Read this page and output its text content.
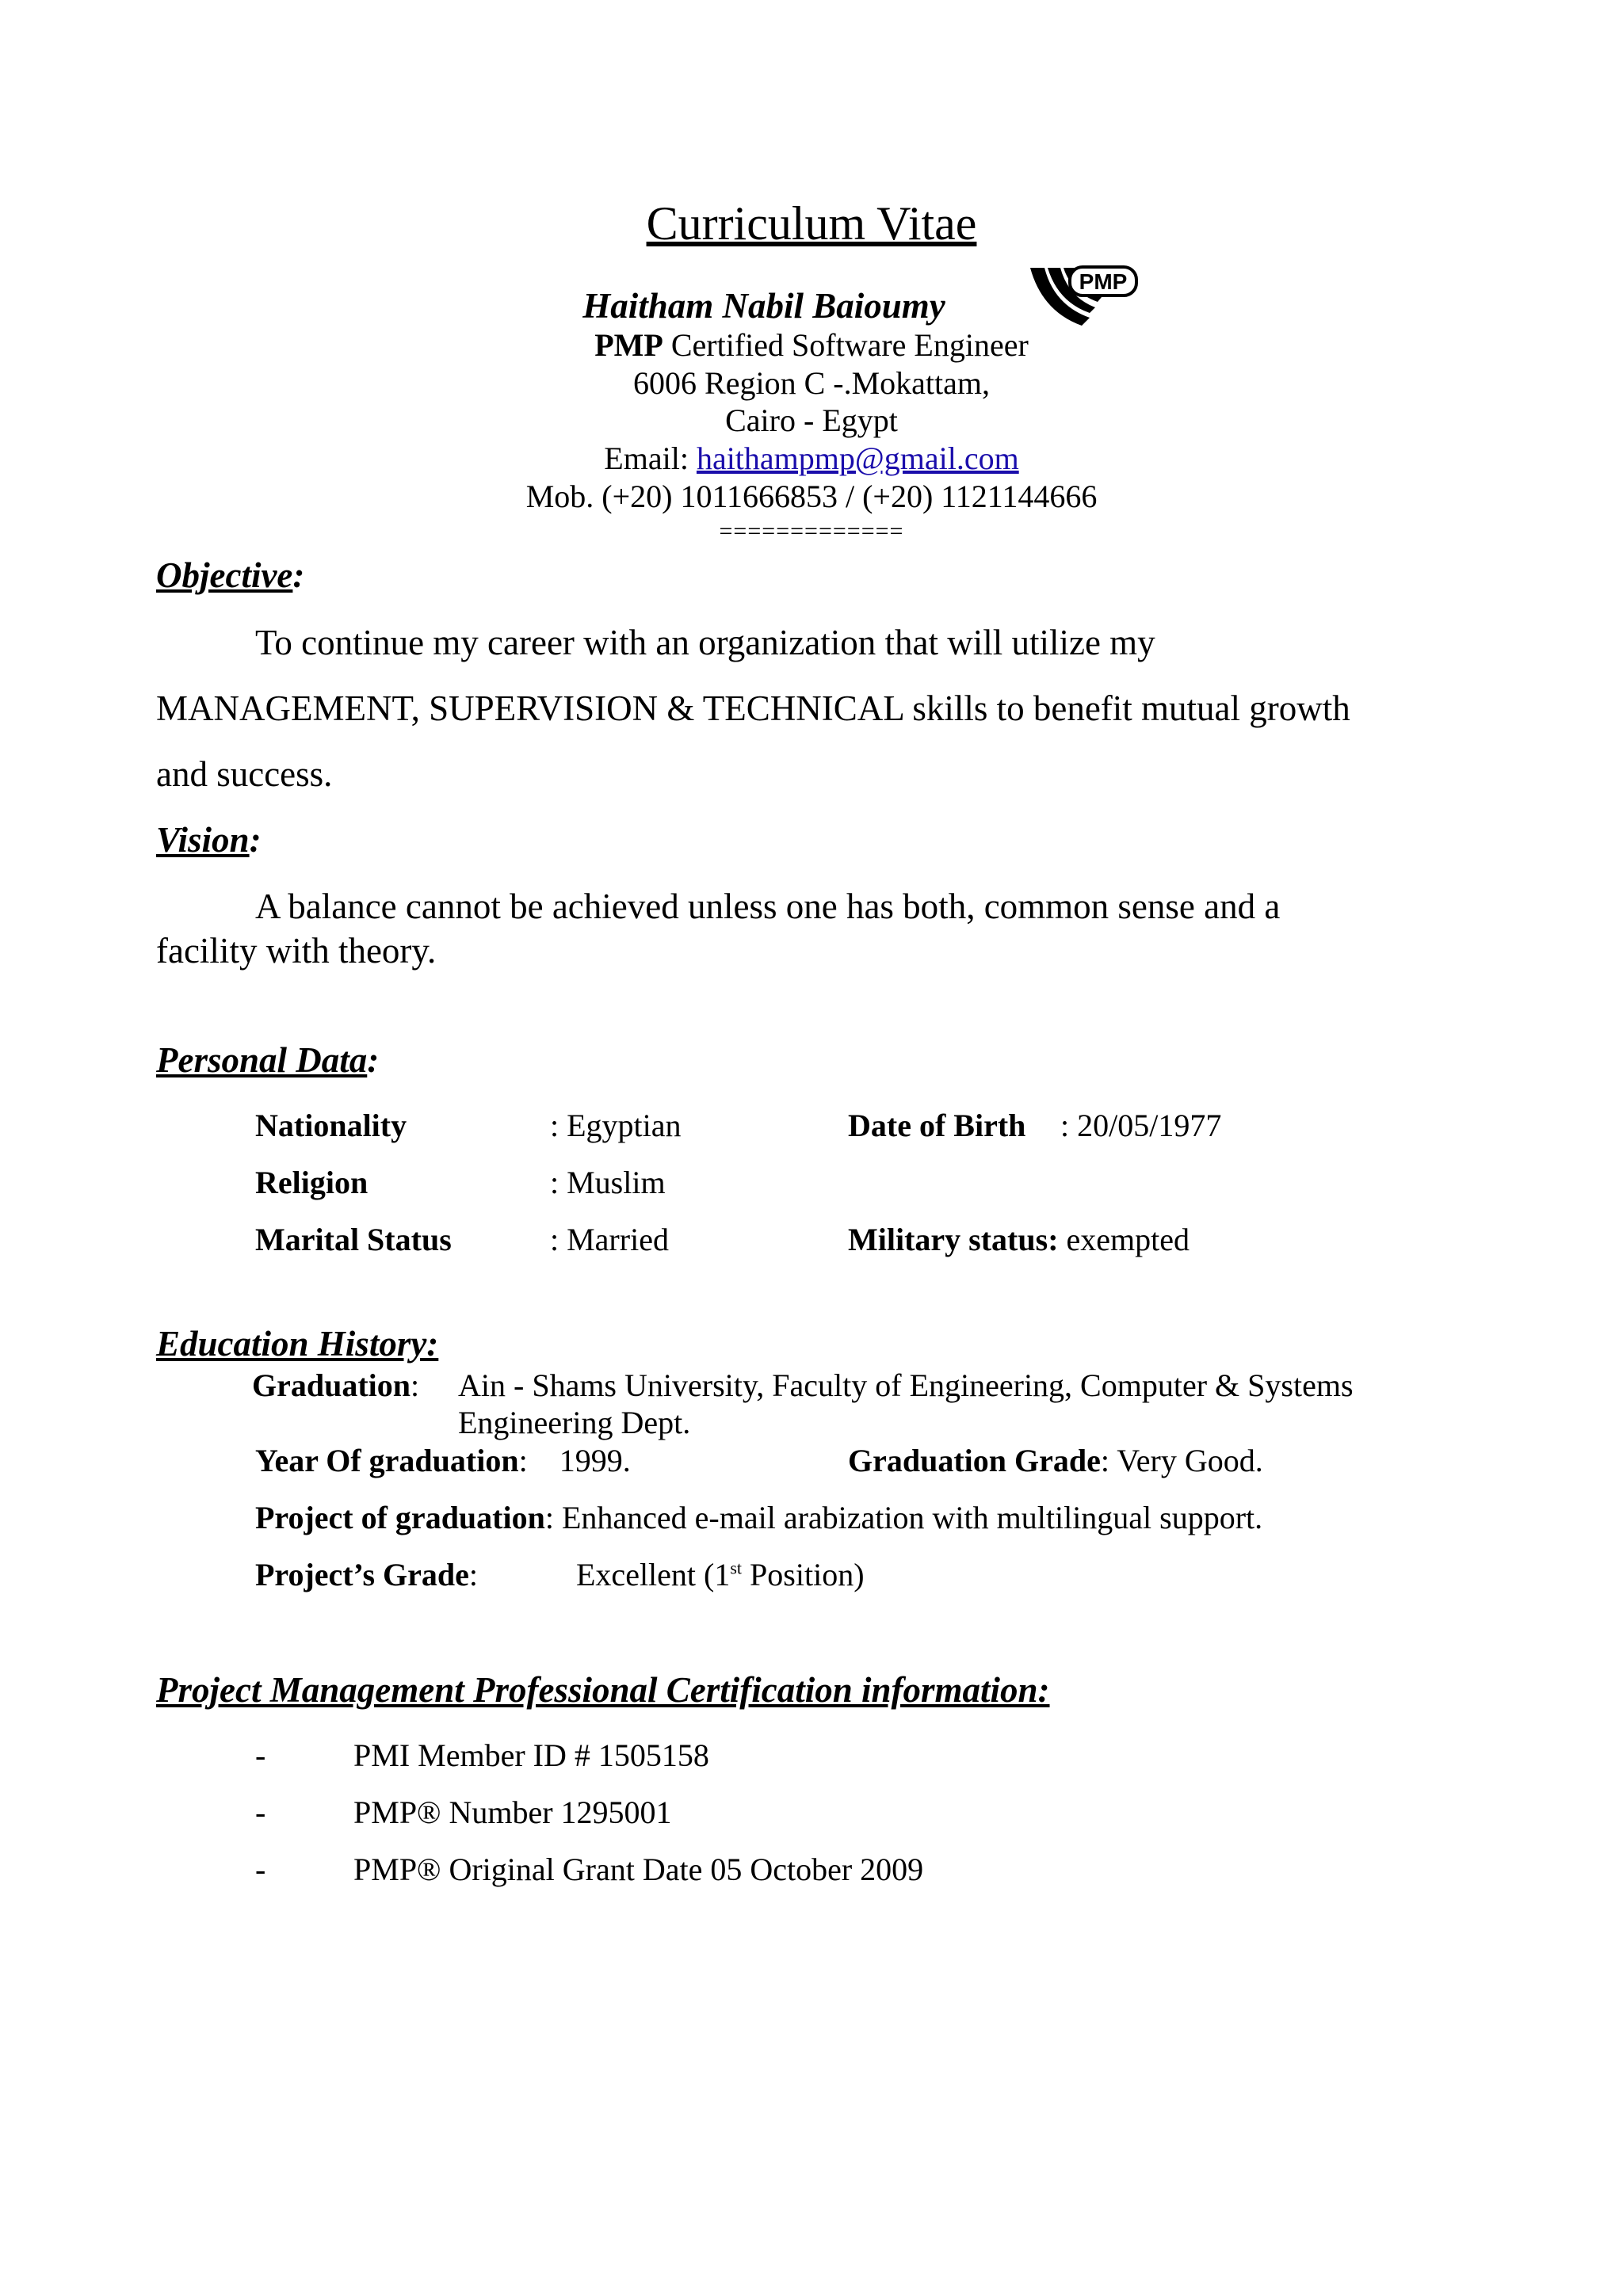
Curriculum Vitae
Haitham Nabil Baioumy
PMP
PMP Certified Software Engineer
6006 Region C -.Mokattam,
Cairo - Egypt
Email: haithampmp@gmail.com
Mob. (+20) 1011666853 / (+20) 1121144666
=============
Objective:
To continue my career with an organization that will utilize my
MANAGEMENT, SUPERVISION & TECHNICAL skills to benefit mutual growth
and success.
Vision:
A balance cannot be achieved unless one has both, common sense and a
facility with theory.
Personal Data:
Nationality	: Egyptian	Date of Birth : 20/05/1977
Religion	: Muslim
Marital Status	: Married	Military status: exempted
Education History:
Graduation: Ain - Shams University, Faculty of Engineering, Computer & Systems
Engineering Dept.
Year Of graduation:    1999.	Graduation Grade: Very Good.
Project of graduation: Enhanced e-mail arabization with multilingual support.
Project’s Grade:	Excellent (1st Position)
Project Management Professional Certification information:
-	PMI Member ID # 1505158
-	PMP® Number 1295001
-	PMP® Original Grant Date 05 October 2009
